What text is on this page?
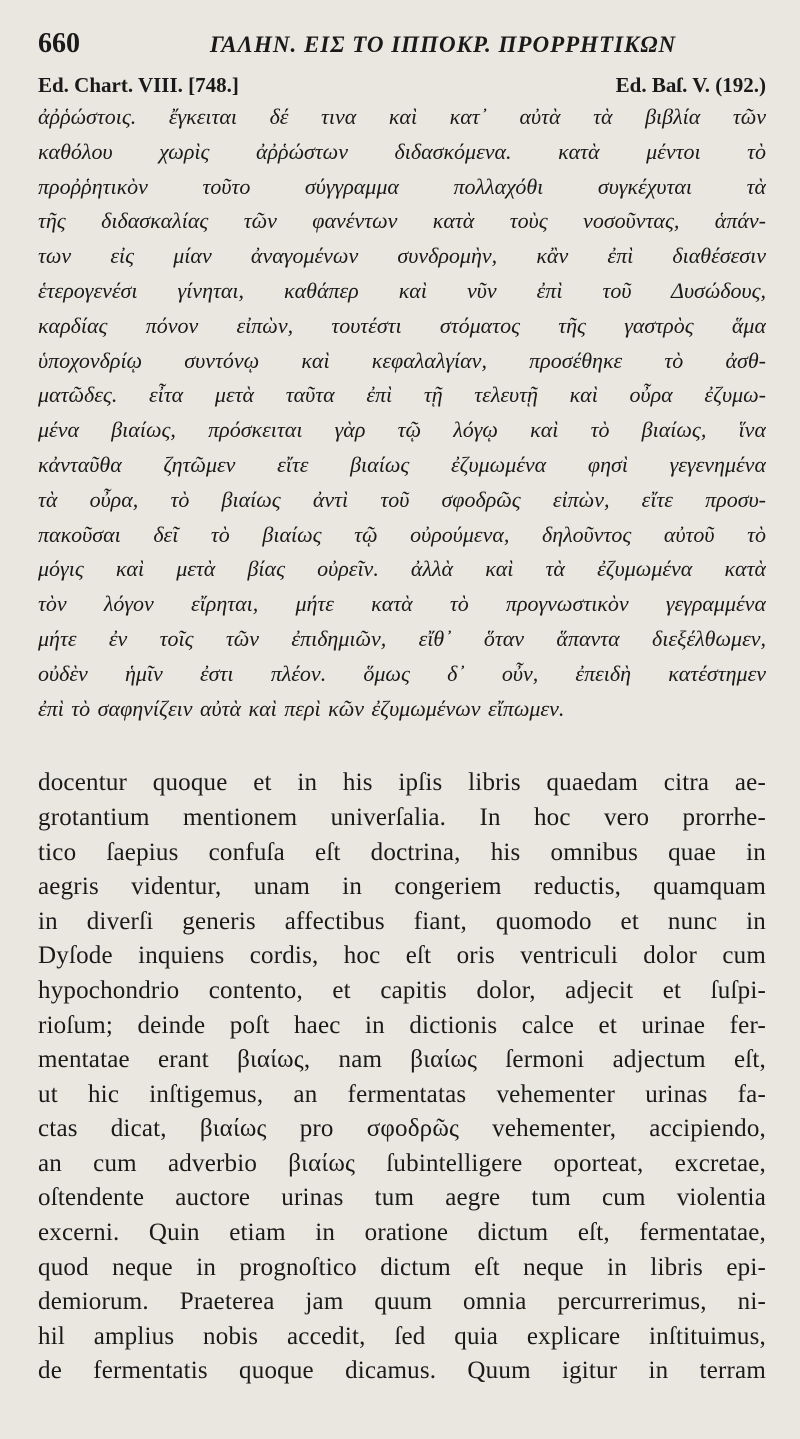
660	ΓΑΛΗΝ. ΕΙΣ ΤΟ ΙΠΠΟΚΡ. ΠΡΟΡΡΗΤΙΚΩΝ
Ed. Chart. VIII. [748.]	Ed. Baſ. V. (192.)
ἀῤῥώστοις. ἔγκειται δέ τινα καὶ κατ᾽ αὐτὰ τὰ βιβλία τῶν
καθόλου χωρὶς ἀῤῥώστων διδασκόμενα. κατὰ μέντοι τὸ
προῤῥητικὸν τοῦτο σύγγραμμα πολλαχόθι συγκέχυται τὰ
τῆς διδασκαλίας τῶν φανέντων κατὰ τοὺς νοσοῦντας, ἁπάν-
των εἰς μίαν ἀναγομένων συνδρομὴν, κἂν ἐπὶ διαθέσεσιν
ἑτερογενέσι γίνηται, καθάπερ καὶ νῦν ἐπὶ τοῦ Δυσώδους,
καρδίας πόνον εἰπὼν, τουτέστι στόματος τῆς γαστρὸς ἅμα
ὑποχονδρίῳ συντόνῳ καὶ κεφαλαλγίαν, προσέθηκε τὸ ἀσθ-
ματῶδες. εἶτα μετὰ ταῦτα ἐπὶ τῇ τελευτῇ καὶ οὖρα ἐζυμω-
μένα βιαίως, πρόσκειται γὰρ τῷ λόγῳ καὶ τὸ βιαίως, ἵνα
κἀνταῦθα ζητῶμεν εἴτε βιαίως ἐζυμωμένα φησὶ γεγενημένα
τὰ οὖρα, τὸ βιαίως ἀντὶ τοῦ σφοδρῶς εἰπὼν, εἴτε προσυ-
πακοῦσαι δεῖ τὸ βιαίως τῷ οὐρούμενα, δηλοῦντος αὐτοῦ τὸ
μόγις καὶ μετὰ βίας οὐρεῖν. ἀλλὰ καὶ τὰ ἐζυμωμένα κατὰ
τὸν λόγον εἴρηται, μήτε κατὰ τὸ προγνωστικὸν γεγραμμένα
μήτε ἐν τοῖς τῶν ἐπιδημιῶν, εἴθ᾽ ὅταν ἅπαντα διεξέλθωμεν,
οὐδὲν ἡμῖν ἐστι πλέον. ὅμως δ᾽ οὖν, ἐπειδὴ κατέστημεν
ἐπὶ τὸ σαφηνίζειν αὐτὰ καὶ περὶ κῶν ἐζυμωμένων εἴπωμεν.
docentur quoque et in his ipſis libris quaedam citra ae-
grotantium mentionem univerſalia. In hoc vero prorrhe-
tico ſaepius confuſa eſt doctrina, his omnibus quae in
aegris videntur, unam in congeriem reductis, quamquam
in diverſi generis affectibus fiant, quomodo et nunc in
Dyſode inquiens cordis, hoc eſt oris ventriculi dolor cum
hypochondrio contento, et capitis dolor, adjecit et ſuſpi-
rioſum; deinde poſt haec in dictionis calce et urinae fer-
mentatae erant βιαίως, nam βιαίως ſermoni adjectum eſt,
ut hic inſtigemus, an fermentatas vehementer urinas fa-
ctas dicat, βιαίως pro σφοδρῶς vehementer, accipiendo,
an cum adverbio βιαίως ſubintelligere oporteat, excretae,
oſtendente auctore urinas tum aegre tum cum violentia
excerni. Quin etiam in oratione dictum eſt, fermentatae,
quod neque in prognoſtico dictum eſt neque in libris epi-
demiorum. Praeterea jam quum omnia percurrerimus, ni-
hil amplius nobis accedit, ſed quia explicare inſtituimus,
de fermentatis quoque dicamus. Quum igitur in terram
